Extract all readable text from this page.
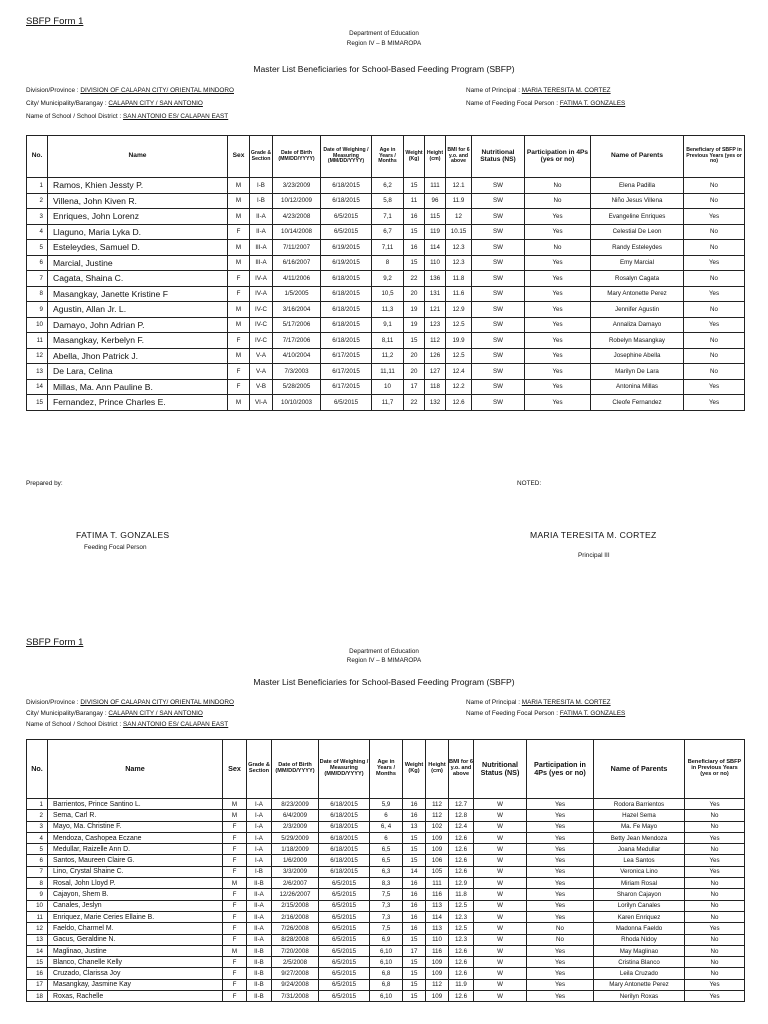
SBFP Form 1
Department of Education
Region IV – B MIMAROPA
Master List Beneficiaries for School-Based Feeding Program (SBFP)
Division/Province : DIVISION OF CALAPAN CITY/ ORIENTAL MINDORO
City/ Municipality/Barangay : CALAPAN CITY / SAN ANTONIO
Name of School / School District : SAN ANTONIO ES/ CALAPAN EAST
Name of Principal : MARIA TERESITA M. CORTEZ
Name of Feeding Focal Person : FATIMA T. GONZALES
No.	Name	Sex	Grade & Section	Date of Birth (MM/DD/YYYY)	Date of Weighing / Measuring (MM/DD/YYYY)	Age in Years / Months	Weight (Kg)	Height (cm)	BMI for 6 y.o. and above	Nutritional Status (NS)	Participation in 4Ps (yes or no)	Name of Parents	Beneficiary of SBFP in Previous Years (yes or no)
1	Ramos, Khien Jessty P.	M	I-B	3/23/2009	6/18/2015	6,2	15	111	12.1	SW	No	Elena Padilla	No
2	Villena, John Kiven R.	M	I-B	10/12/2009	6/18/2015	5,8	11	96	11.9	SW	No	Niño Jesus Villena	No
3	Enriques, John Lorenz	M	II-A	4/23/2008	6/5/2015	7,1	16	115	12	SW	Yes	Evangeline Enriques	Yes
4	Llaguno, Maria Lyka D.	F	II-A	10/14/2008	6/5/2015	6,7	15	119	10.15	SW	Yes	Celestial De Leon	No
5	Esteleydes, Samuel D.	M	III-A	7/11/2007	6/19/2015	7,11	16	114	12.3	SW	No	Randy Esteleydes	No
6	Marcial, Justine	M	III-A	6/16/2007	6/19/2015	8	15	110	12.3	SW	Yes	Emy Marcial	Yes
7	Cagata, Shaina C.	F	IV-A	4/11/2006	6/18/2015	9,2	22	136	11.8	SW	Yes	Rosalyn Cagata	No
8	Masangkay, Janette Kristine F	F	IV-A	1/5/2005	6/18/2015	10,5	20	131	11.6	SW	Yes	Mary Antonette Perez	Yes
9	Agustin, Allan Jr. L.	M	IV-C	3/16/2004	6/18/2015	11,3	19	121	12.9	SW	Yes	Jennifer Agustin	No
10	Damayo, John Adrian P.	M	IV-C	5/17/2006	6/18/2015	9,1	19	123	12.5	SW	Yes	Annaliza Damayo	Yes
11	Masangkay, Kerbelyn F.	F	IV-C	7/17/2006	6/18/2015	8,11	15	112	19.9	SW	Yes	Robelyn Masangkay	No
12	Abella, Jhon Patrick J.	M	V-A	4/10/2004	6/17/2015	11,2	20	126	12.5	SW	Yes	Josephine Abella	No
13	De Lara, Celina	F	V-A	7/3/2003	6/17/2015	11,11	20	127	12.4	SW	Yes	Marilyn De Lara	No
14	Millas, Ma. Ann Pauline B.	F	V-B	5/28/2005	6/17/2015	10	17	118	12.2	SW	Yes	Antonina Millas	Yes
15	Fernandez, Prince Charles E.	M	VI-A	10/10/2003	6/5/2015	11,7	22	132	12.6	SW	Yes	Cleofe Fernandez	Yes
Prepared by:	NOTED:
FATIMA T. GONZALES
Feeding Focal Person
MARIA TERESITA M. CORTEZ
Principal III
SBFP Form 1
Department of Education
Region IV – B MIMAROPA
Master List Beneficiaries for School-Based Feeding Program (SBFP)
Division/Province : DIVISION OF CALAPAN CITY/ ORIENTAL MINDORO
City/ Municipality/Barangay : CALAPAN CITY / SAN ANTONIO
Name of School / School District : SAN ANTONIO ES/ CALAPAN EAST
Name of Principal : MARIA TERESITA M. CORTEZ
Name of Feeding Focal Person : FATIMA T. GONZALES
No.	Name	Sex	Grade & Section	Date of Birth (MM/DD/YYYY)	Date of Weighing / Measuring (MM/DD/YYYY)	Age in Years / Months	Weight (Kg)	Height (cm)	BMI for 6 y.o. and above	Nutritional Status (NS)	Participation in 4Ps (yes or no)	Name of Parents	Beneficiary of SBFP in Previous Years (yes or no)
1	Barrientos, Prince Santino L.	M	I-A	8/23/2009	6/18/2015	5,9	16	112	12.7	W	Yes	Rodora Barrientos	Yes
2	Sema, Carl R.	M	I-A	6/4/2009	6/18/2015	6	16	112	12.8	W	Yes	Hazel Sema	No
3	Mayo, Ma. Christine F.	F	I-A	2/3/2009	6/18/2015	6, 4	13	102	12.4	W	Yes	Ma. Fe Mayo	No
4	Mendoza, Cashopea Eczane	F	I-A	5/29/2009	6/18/2015	6	15	109	12.6	W	Yes	Betty Jean Mendoza	Yes
5	Medullar, Raizelle Ann D.	F	I-A	1/18/2009	6/18/2015	6,5	15	109	12.6	W	Yes	Joana Medullar	No
6	Santos, Maureen Claire G.	F	I-A	1/6/2009	6/18/2015	6,5	15	106	12.6	W	Yes	Lea Santos	Yes
7	Lino, Crystal Shaine C.	F	I-B	3/3/2009	6/18/2015	6,3	14	105	12.6	W	Yes	Veronica Lino	Yes
8	Rosal, John Lloyd P.	M	II-B	2/6/2007	6/5/2015	8,3	16	111	12.9	W	Yes	Miriam Rosal	No
9	Cajayon, Shem B.	F	II-A	12/26/2007	6/5/2015	7,5	16	116	11.8	W	Yes	Sharon Cajayon	No
10	Canales, Jeslyn	F	II-A	2/15/2008	6/5/2015	7,3	16	113	12.5	W	Yes	Lorilyn Canales	No
11	Enriquez, Marie Ceries Ellaine B.	F	II-A	2/16/2008	6/5/2015	7,3	16	114	12.3	W	Yes	Karen Enriquez	No
12	Faeldo, Charmel M.	F	II-A	7/26/2008	6/5/2015	7,5	16	113	12.5	W	No	Madonna Faeldo	Yes
13	Gacus, Geraldine N.	F	II-A	8/28/2008	6/5/2015	6,9	15	110	12.3	W	No	Rhoda Nidoy	No
14	Maglinao, Justine	M	II-B	7/20/2008	6/5/2015	6,10	17	116	12.6	W	Yes	May Maglinao	No
15	Blanco, Chanelle Kelly	F	II-B	2/5/2008	6/5/2015	6,10	15	109	12.6	W	Yes	Cristina Blanco	No
16	Cruzado, Clarissa Joy	F	II-B	9/27/2008	6/5/2015	6,8	15	109	12.6	W	Yes	Leila Cruzado	No
17	Masangkay, Jasmine Kay	F	II-B	9/24/2008	6/5/2015	6,8	15	112	11.9	W	Yes	Mary Antonette Perez	Yes
18	Roxas, Rachelle	F	II-B	7/31/2008	6/5/2015	6,10	15	109	12.6	W	Yes	Nerilyn Roxas	Yes
